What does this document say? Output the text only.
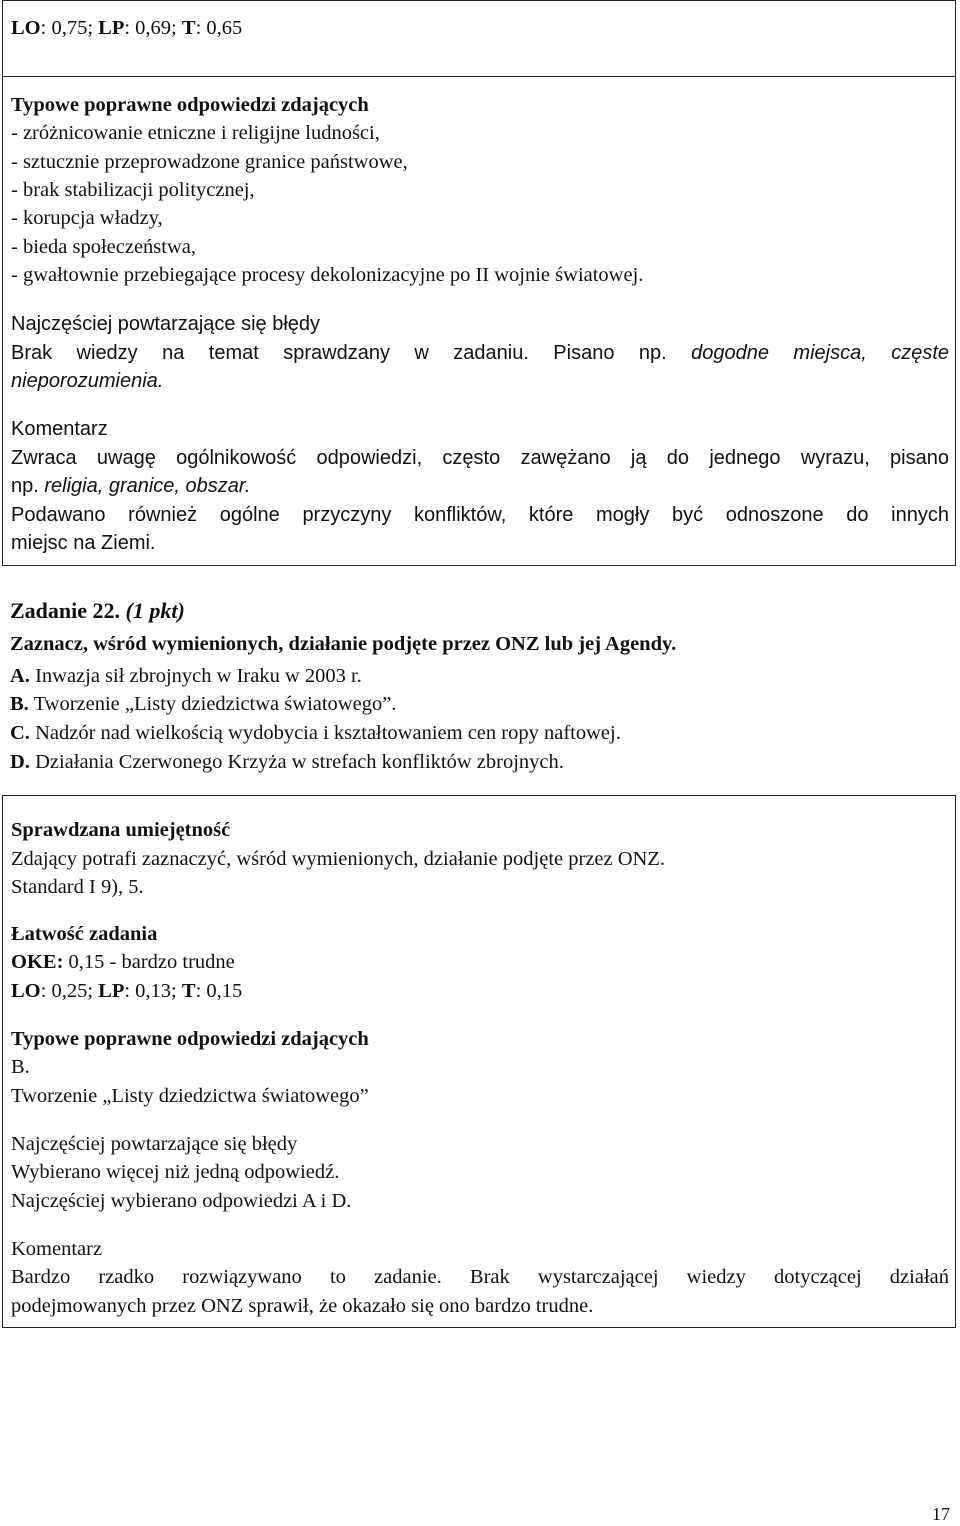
LO: 0,75; LP: 0,69; T: 0,65
Typowe poprawne odpowiedzi zdających
- zróżnicowanie etniczne i religijne ludności,
- sztucznie przeprowadzone granice państwowe,
- brak stabilizacji politycznej,
- korupcja władzy,
- bieda społeczeństwa,
- gwałtownie przebiegające procesy dekolonizacyjne po II wojnie światowej.
Najczęściej powtarzające się błędy
Brak wiedzy na temat sprawdzany w zadaniu. Pisano np. dogodne miejsca, częste
nieporozumienia.
Komentarz
Zwraca uwagę ogólnikowość odpowiedzi, często zawężano ją do jednego wyrazu, pisano
np. religia, granice, obszar.
Podawano również ogólne przyczyny konfliktów, które mogły być odnoszone do innych
miejsc na Ziemi.
Zadanie 22. (1 pkt)
Zaznacz, wśród wymienionych, działanie podjęte przez ONZ lub jej Agendy.
A. Inwazja sił zbrojnych w Iraku w 2003 r.
B. Tworzenie „Listy dziedzictwa światowego”.
C. Nadzór nad wielkością wydobycia i kształtowaniem cen ropy naftowej.
D. Działania Czerwonego Krzyża w strefach konfliktów zbrojnych.
Sprawdzana umiejętność
Zdający potrafi zaznaczyć, wśród wymienionych, działanie podjęte przez ONZ.
Standard I 9), 5.
Łatwość zadania
OKE: 0,15 - bardzo trudne
LO: 0,25; LP: 0,13; T: 0,15
Typowe poprawne odpowiedzi zdających
B.
Tworzenie „Listy dziedzictwa światowego”
Najczęściej powtarzające się błędy
Wybierano więcej niż jedną odpowiedź.
Najczęściej wybierano odpowiedzi A i D.
Komentarz
Bardzo rzadko rozwiązywano to zadanie. Brak wystarczającej wiedzy dotyczącej działań
podejmowanych przez ONZ sprawił, że okazało się ono bardzo trudne.
17
